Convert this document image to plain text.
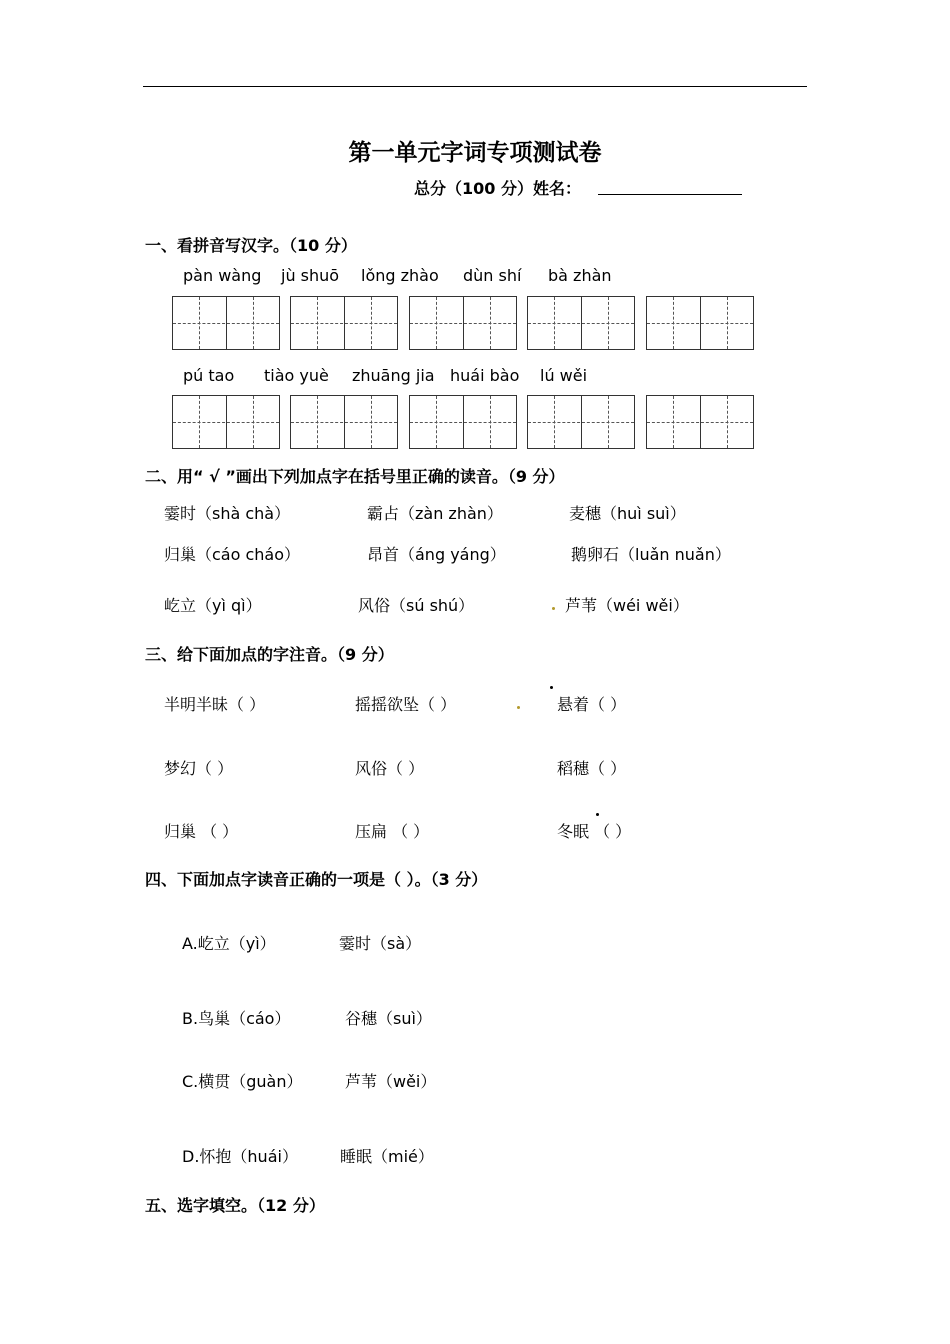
第一单元字词专项测试卷
总分（100 分）姓名：
一、看拼音写汉字。（10 分）
pàn wàng jù shuō lǒng zhào dùn shí bà zhàn
pú tao tiào yuè zhuāng jia huái bào lú wěi
二、用“ √ ”画出下列加点字在括号里正确的读音。（9 分）
霎时（shà chà）	霸占（zàn zhàn）	麦穗（huì suì）
归巢（cáo cháo）	昂首（áng yáng）	鹅卵石（luǎn nuǎn）
屹立（yì qì）	风俗（sú shú）	芦苇（wéi wěi）
三、给下面加点的字注音。（9 分）
半明半昧（ ）	摇摇欲坠（ ）	悬着（ ）
梦幻（ ）	风俗（ ）	稻穗（ ）
归巢 （ ）	压扁 （ ）	冬眠 （ ）
四、下面加点字读音正确的一项是（ ）。（3 分）
A.屹立（yì）	霎时（sà）
B.鸟巢（cáo）	谷穗（suì）
C.横贯（guàn）	芦苇（wěi）
D.怀抱（huái）	睡眠（mié）
五、选字填空。（12 分）
